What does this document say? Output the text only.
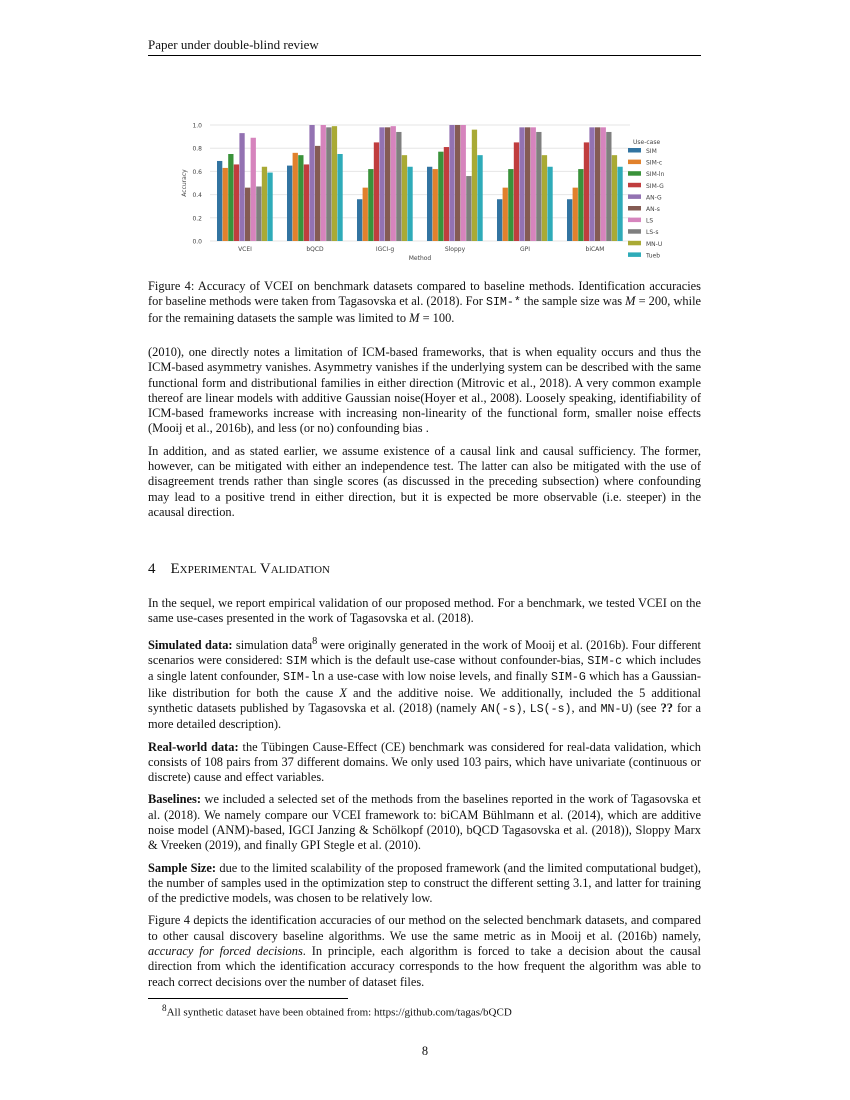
Paper under double-blind review
0.0
0.2
0.4
0.6
0.8
1.0
VCEI	bQCD	IGCI-g	Sloppy	GPI	biCAM
Method
Accuracy
Use-case
SIM
SIM-c
SIM-ln
SIM-G
AN-G
AN-s
LS
LS-s
MN-U
Tueb
Figure 4: Accuracy of VCEI on benchmark datasets compared to baseline methods. Identification accuracies for baseline methods were taken from Tagasovska et al. (2018). For SIM-* the sample size was M = 200, while for the remaining datasets the sample was limited to M = 100.

(2010), one directly notes a limitation of ICM-based frameworks, that is when equality occurs and thus the ICM-based asymmetry vanishes. Asymmetry vanishes if the underlying system can be described with the same functional form and distributional families in either direction (Mitrovic et al., 2018). A very common example thereof are linear models with additive Gaussian noise(Hoyer et al., 2008). Loosely speaking, identifiability of ICM-based frameworks increase with increasing non-linearity of the functional form, smaller noise effects (Mooij et al., 2016b), and less (or no) confounding bias .

In addition, and as stated earlier, we assume existence of a causal link and causal sufficiency. The former, however, can be mitigated with either an independence test. The latter can also be mitigated with the use of disagreement trends rather than single scores (as discussed in the preceding subsection) where confounding may lead to a positive trend in either direction, but it is expected be more observable (i.e. steeper) in the acausal direction.

4 Experimental Validation

In the sequel, we report empirical validation of our proposed method. For a benchmark, we tested VCEI on the same use-cases presented in the work of Tagasovska et al. (2018).

Simulated data: simulation data$^8$ were originally generated in the work of Mooij et al. (2016b). Four different scenarios were considered: SIM which is the default use-case without confounder-bias, SIM-c which includes a single latent confounder, SIM-ln a use-case with low noise levels, and finally SIM-G which has a Gaussian-like distribution for both the cause X and the additive noise. We additionally, included the 5 additional synthetic datasets published by Tagasovska et al. (2018) (namely AN(-s), LS(-s), and MN-U) (see ?? for a more detailed description).

Real-world data: the Tübingen Cause-Effect (CE) benchmark was considered for real-data validation, which consists of 108 pairs from 37 different domains. We only used 103 pairs, which have univariate (continuous or discrete) cause and effect variables.

Baselines: we included a selected set of the methods from the baselines reported in the work of Tagasovska et al. (2018). We namely compare our VCEI framework to: biCAM Bühlmann et al. (2014), which are additive noise model (ANM)-based, IGCI Janzing & Schölkopf (2010), bQCD Tagasovska et al. (2018)), Sloppy Marx & Vreeken (2019), and finally GPI Stegle et al. (2010).

Sample Size: due to the limited scalability of the proposed framework (and the limited computational budget), the number of samples used in the optimization step to construct the different setting 3.1, and latter for training of the predictive models, was chosen to be relatively low.

Figure 4 depicts the identification accuracies of our method on the selected benchmark datasets, and compared to other causal discovery baseline algorithms. We use the same metric as in Mooij et al. (2016b) namely, accuracy for forced decisions. In principle, each algorithm is forced to take a decision about the causal direction from which the identification accuracy corresponds to the how frequent the algorithm was able to reach correct decisions over the number of dataset files.

$^8$All synthetic dataset have been obtained from: https://github.com/tagas/bQCD
8
